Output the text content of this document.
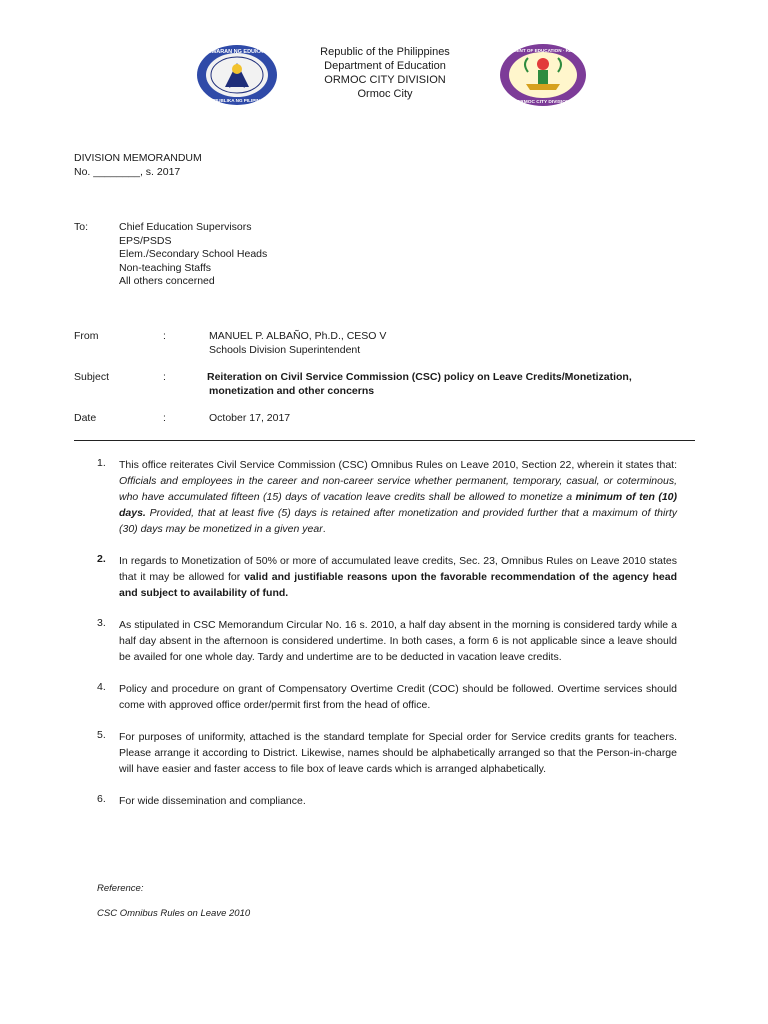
KAGAWARAN NG EDUKASYON
REPUBLIKA NG PILIPINAS
Republic of the Philippines
Department of Education
ORMOC CITY DIVISION
Ormoc City
DEPARTMENT OF EDUCATION · REGION VIII
ORMOC CITY DIVISION
DIVISION MEMORANDUM
No. ________, s. 2017
To:	Chief Education Supervisors
EPS/PSDS
Elem./Secondary School Heads
Non-teaching Staffs
All others concerned
From	:	MANUEL P. ALBAÑO, Ph.D., CESO V
Schools Division Superintendent
Subject	:	Reiteration on Civil Service Commission (CSC) policy on Leave Credits/Monetization,
monetization and other concerns
Date	:	October 17, 2017
1.	This office reiterates Civil Service Commission (CSC) Omnibus Rules on Leave 2010, Section 22, wherein it states that: Officials and employees in the career and non-career service whether permanent, temporary, casual, or coterminous, who have accumulated fifteen (15) days of vacation leave credits shall be allowed to monetize a minimum of ten (10) days. Provided, that at least five (5) days is retained after monetization and provided further that a maximum of thirty (30) days may be monetized in a given year.
2.	In regards to Monetization of 50% or more of accumulated leave credits, Sec. 23, Omnibus Rules on Leave 2010 states that it may be allowed for valid and justifiable reasons upon the favorable recommendation of the agency head and subject to availability of fund.
3.	As stipulated in CSC Memorandum Circular No. 16 s. 2010, a half day absent in the morning is considered tardy while a half day absent in the afternoon is considered undertime. In both cases, a form 6 is not applicable since a leave should be availed for one whole day. Tardy and undertime are to be deducted in vacation leave credits.
4.	Policy and procedure on grant of Compensatory Overtime Credit (COC) should be followed. Overtime services should come with approved office order/permit first from the head of office.
5.	For purposes of uniformity, attached is the standard template for Special order for Service credits grants for teachers. Please arrange it according to District. Likewise, names should be alphabetically arranged so that the Person-in-charge will have easier and faster access to file box of leave cards which is arranged alphabetically.
6.	For wide dissemination and compliance.
Reference:
CSC Omnibus Rules on Leave 2010
